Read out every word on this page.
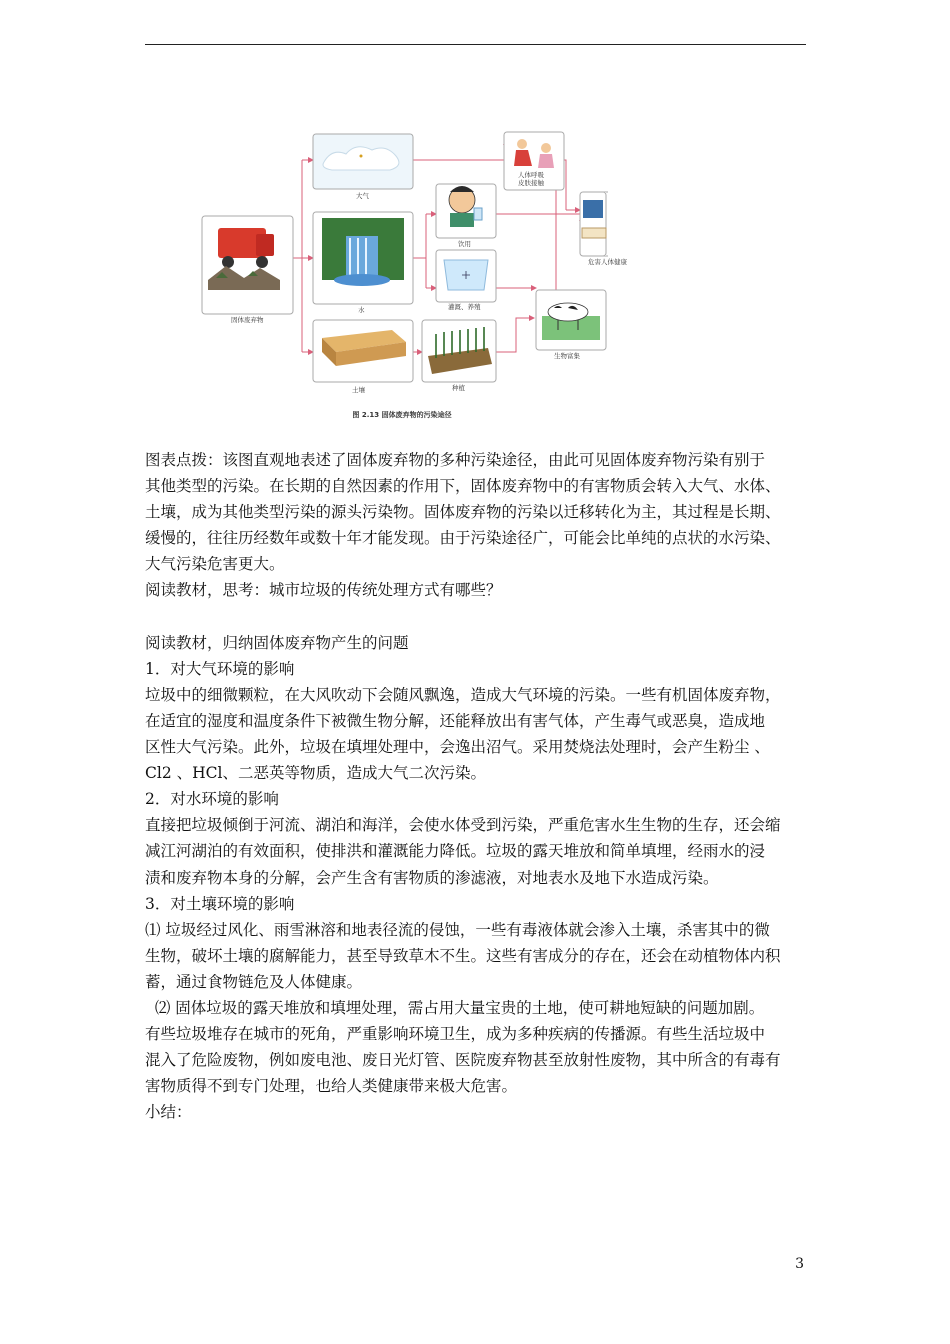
固体废弃物
大气
水
土壤
饮用
灌溉、养殖
种植
人体呼吸
皮肤接触
危害人体健康
生物富集
图 2.13 固体废弃物的污染途径

图表点拨：该图直观地表述了固体废弃物的多种污染途径，由此可见固体废弃物污染有别于

其他类型的污染。在长期的自然因素的作用下，固体废弃物中的有害物质会转入大气、水体、

土壤，成为其他类型污染的源头污染物。固体废弃物的污染以迁移转化为主，其过程是长期、

缓慢的，往往历经数年或数十年才能发现。由于污染途径广，可能会比单纯的点状的水污染、

大气污染危害更大。

阅读教材，思考：城市垃圾的传统处理方式有哪些？

阅读教材，归纳固体废弃物产生的问题

1．对大气环境的影响

垃圾中的细微颗粒，在大风吹动下会随风飘逸，造成大气环境的污染。一些有机固体废弃物，

在适宜的湿度和温度条件下被微生物分解，还能释放出有害气体，产生毒气或恶臭，造成地

区性大气污染。此外，垃圾在填埋处理中，会逸出沼气。采用焚烧法处理时，会产生粉尘 、

Cl2 、HCl、二恶英等物质，造成大气二次污染。

2．对水环境的影响

直接把垃圾倾倒于河流、湖泊和海洋，会使水体受到污染，严重危害水生生物的生存，还会缩

减江河湖泊的有效面积，使排洪和灌溉能力降低。垃圾的露天堆放和简单填埋，经雨水的浸

渍和废弃物本身的分解，会产生含有害物质的渗滤液，对地表水及地下水造成污染。

3．对土壤环境的影响

⑴ 垃圾经过风化、雨雪淋溶和地表径流的侵蚀，一些有毒液体就会渗入土壤，杀害其中的微

生物，破坏土壤的腐解能力，甚至导致草木不生。这些有害成分的存在，还会在动植物体内积

蓄，通过食物链危及人体健康。

⑵ 固体垃圾的露天堆放和填埋处理，需占用大量宝贵的土地，使可耕地短缺的问题加剧。

有些垃圾堆存在城市的死角，严重影响环境卫生，成为多种疾病的传播源。有些生活垃圾中

混入了危险废物，例如废电池、废日光灯管、医院废弃物甚至放射性废物，其中所含的有毒有

害物质得不到专门处理，也给人类健康带来极大危害。

小结：

3
